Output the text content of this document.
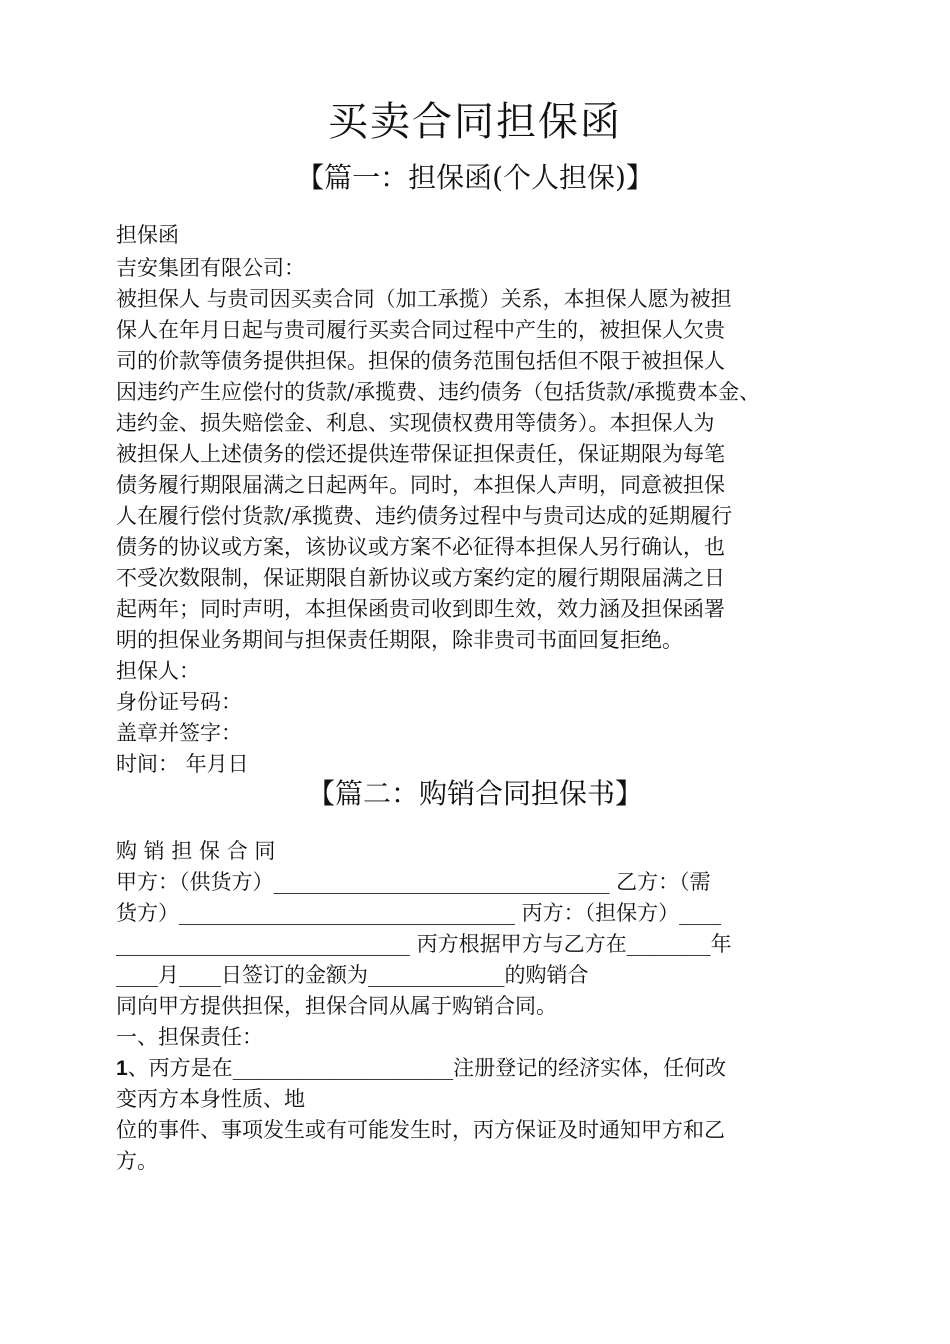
买卖合同担保函
【篇一：担保函(个人担保)】
担保函
吉安集团有限公司：
被担保人 与贵司因买卖合同（加工承揽）关系，本担保人愿为被担
保人在年月日起与贵司履行买卖合同过程中产生的，被担保人欠贵
司的价款等债务提供担保。担保的债务范围包括但不限于被担保人
因违约产生应偿付的货款/承揽费、违约债务（包括货款/承揽费本金、
违约金、损失赔偿金、利息、实现债权费用等债务）。本担保人为
被担保人上述债务的偿还提供连带保证担保责任，保证期限为每笔
债务履行期限届满之日起两年。同时，本担保人声明，同意被担保
人在履行偿付货款/承揽费、违约债务过程中与贵司达成的延期履行
债务的协议或方案，该协议或方案不必征得本担保人另行确认，也
不受次数限制，保证期限自新协议或方案约定的履行期限届满之日
起两年；同时声明，本担保函贵司收到即生效，效力涵及担保函署
明的担保业务期间与担保责任期限，除非贵司书面回复拒绝。
担保人：
身份证号码：
盖章并签字：
时间： 年月日
【篇二：购销合同担保书】
购 销 担 保 合 同
甲方：（供货方）________________________________ 乙方：（需
货方）________________________________ 丙方：（担保方）____
____________________________ 丙方根据甲方与乙方在________年
____月____日签订的金额为_____________的购销合
同向甲方提供担保，担保合同从属于购销合同。
一、担保责任：
1、丙方是在_____________________注册登记的经济实体，任何改
变丙方本身性质、地
位的事件、事项发生或有可能发生时，丙方保证及时通知甲方和乙
方。
